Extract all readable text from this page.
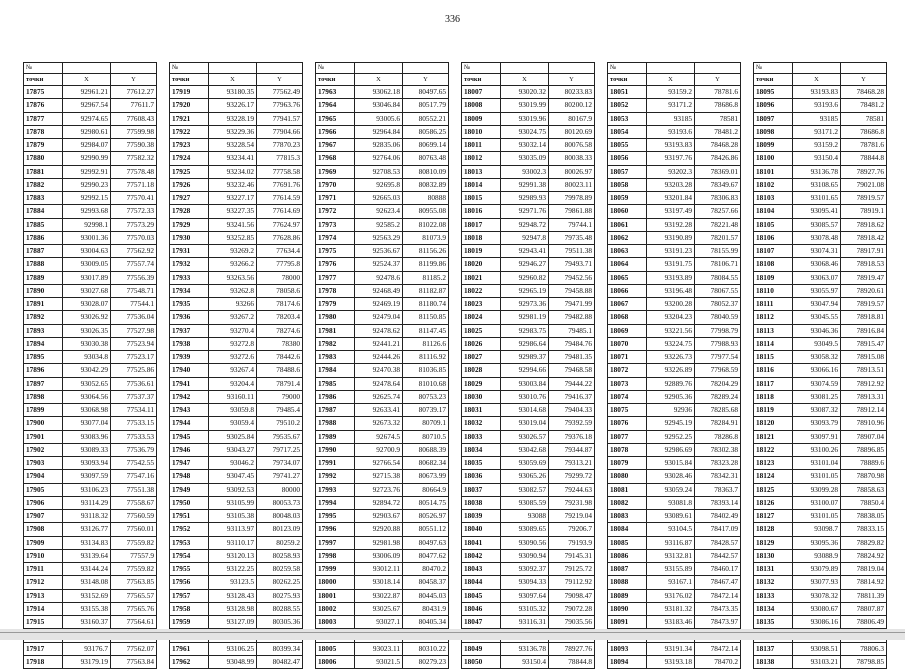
336
№		
точки	X	Y
17875	92961.21	77612.27
17876	92967.54	77611.7
17877	92974.65	77608.43
17878	92980.61	77599.98
17879	92984.07	77590.38
17880	92990.99	77582.32
17881	92992.91	77578.48
17882	92990.23	77571.18
17883	92992.15	77570.41
17884	92993.68	77572.33
17885	92998.1	77573.29
17886	93001.36	77570.03
17887	93004.63	77562.92
17888	93009.05	77557.74
17889	93017.89	77556.39
17890	93027.68	77548.71
17891	93028.07	77544.1
17892	93026.92	77536.04
17893	93026.35	77527.98
17894	93030.38	77523.94
17895	93034.8	77523.17
17896	93042.29	77525.86
17897	93052.65	77536.61
17898	93064.56	77537.37
17899	93068.98	77534.11
17900	93077.04	77533.15
17901	93083.96	77533.53
17902	93089.33	77536.79
17903	93093.94	77542.55
17904	93097.59	77547.16
17905	93106.23	77551.38
17906	93114.29	77558.67
17907	93118.32	77560.59
17908	93126.77	77560.01
17909	93134.83	77559.82
17910	93139.64	77557.9
17911	93144.24	77559.82
17912	93148.08	77563.85
17913	93152.69	77565.57
17914	93155.38	77565.76
17915	93160.37	77564.61

17917	93176.7	77562.07
17918	93179.19	77563.84
№		
точки	X	Y
17919	93180.35	77562.49
17920	93226.17	77963.76
17921	93228.19	77941.57
17922	93229.36	77904.66
17923	93228.54	77870.23
17924	93234.41	77815.3
17925	93234.02	77758.58
17926	93232.46	77691.76
17927	93227.17	77614.59
17928	93227.35	77614.69
17929	93241.56	77624.97
17930	93252.85	77628.86
17931	93269.2	77634.4
17932	93266.2	77795.8
17933	93263.56	78000
17934	93262.8	78058.6
17935	93266	78174.6
17936	93267.2	78203.4
17937	93270.4	78274.6
17938	93272.8	78380
17939	93272.6	78442.6
17940	93267.4	78488.6
17941	93204.4	78791.4
17942	93160.11	79000
17943	93059.8	79485.4
17944	93059.4	79510.2
17945	93025.84	79535.67
17946	93043.27	79717.25
17947	93046.2	79734.07
17948	93047.45	79741.27
17949	93092.53	80000
17950	93105.99	80053.73
17951	93105.38	80048.03
17952	93113.97	80123.09
17953	93110.17	80259.2
17954	93120.13	80258.93
17955	93122.25	80259.58
17956	93123.5	80262.25
17957	93128.43	80275.93
17958	93128.98	80288.55
17959	93127.09	80305.36

17961	93106.25	80399.34
17962	93048.99	80482.47
№		
точки	X	Y
17963	93062.18	80497.65
17964	93046.84	80517.79
17965	93005.6	80552.21
17966	92964.84	80586.25
17967	92835.06	80699.14
17968	92764.06	80763.48
17969	92708.53	80810.09
17970	92695.8	80832.89
17971	92665.03	80888
17972	92623.4	80955.08
17973	92585.2	81022.08
17974	92563.29	81073.9
17975	92536.67	81156.26
17976	92524.37	81199.86
17977	92478.6	81185.2
17978	92468.49	81182.87
17979	92469.19	81180.74
17980	92479.04	81150.85
17981	92478.62	81147.45
17982	92441.21	81126.6
17983	92444.26	81116.92
17984	92470.38	81036.85
17985	92478.64	81010.68
17986	92625.74	80753.23
17987	92633.41	80739.17
17988	92673.32	80709.1
17989	92674.5	80710.5
17990	92700.9	80688.39
17991	92766.54	80682.34
17992	92715.38	80673.99
17993	92723.76	80664.9
17994	92894.72	80514.75
17995	92903.67	80526.97
17996	92920.88	80551.12
17997	92981.98	80497.63
17998	93006.09	80477.62
17999	93012.11	80470.2
18000	93018.14	80458.37
18001	93022.87	80445.03
18002	93025.67	80431.9
18003	93027.1	80405.34

18005	93023.11	80310.22
18006	93021.5	80279.23
№		
точки	X	Y
18007	93020.32	80233.83
18008	93019.99	80200.12
18009	93019.96	80167.9
18010	93024.75	80120.69
18011	93032.14	80076.58
18012	93035.09	80038.33
18013	93002.3	80026.97
18014	92991.38	80023.11
18015	92989.93	79978.89
18016	92971.76	79861.88
18017	92948.72	79744.1
18018	92947.8	79735.48
18019	92943.41	79511.38
18020	92946.27	79493.71
18021	92960.82	79452.56
18022	92965.19	79458.88
18023	92973.36	79471.99
18024	92981.19	79482.88
18025	92983.75	79485.1
18026	92986.64	79484.76
18027	92989.37	79481.35
18028	92994.66	79468.58
18029	93003.84	79444.22
18030	93010.76	79416.37
18031	93014.68	79404.33
18032	93019.04	79392.59
18033	93026.57	79376.18
18034	93042.68	79344.87
18035	93059.69	79313.21
18036	93065.26	79299.72
18037	93082.57	79244.63
18038	93085.59	79231.98
18039	93088	79219.04
18040	93089.65	79206.7
18041	93090.56	79193.9
18042	93090.94	79145.31
18043	93092.37	79125.72
18044	93094.33	79112.92
18045	93097.64	79098.47
18046	93105.32	79072.28
18047	93116.31	79035.56

18049	93136.78	78927.76
18050	93150.4	78844.8
№		
точки	X	Y
18051	93159.2	78781.6
18052	93171.2	78686.8
18053	93185	78581
18054	93193.6	78481.2
18055	93193.83	78468.28
18056	93197.76	78426.86
18057	93202.3	78369.01
18058	93203.28	78349.67
18059	93201.84	78306.83
18060	93197.49	78257.66
18061	93192.28	78221.48
18062	93190.89	78201.57
18063	93191.23	78155.99
18064	93191.75	78106.71
18065	93193.89	78084.55
18066	93196.48	78067.55
18067	93200.28	78052.37
18068	93204.23	78040.59
18069	93221.56	77998.79
18070	93224.75	77988.93
18071	93226.73	77977.54
18072	93226.89	77968.59
18073	92889.76	78204.29
18074	92905.36	78289.24
18075	92936	78285.68
18076	92945.19	78284.91
18077	92952.25	78286.8
18078	92986.69	78302.38
18079	93015.84	78323.28
18080	93028.46	78342.31
18081	93059.24	78363.7
18082	93081.8	78393.14
18083	93089.61	78402.49
18084	93104.5	78417.09
18085	93116.87	78428.57
18086	93132.81	78442.57
18087	93155.89	78460.17
18088	93167.1	78467.47
18089	93176.02	78472.14
18090	93181.32	78473.35
18091	93183.46	78473.97

18093	93191.34	78472.14
18094	93193.18	78470.2
№		
точки	X	Y
18095	93193.83	78468.28
18096	93193.6	78481.2
18097	93185	78581
18098	93171.2	78686.8
18099	93159.2	78781.6
18100	93150.4	78844.8
18101	93136.78	78927.76
18102	93108.65	79021.08
18103	93101.65	78919.57
18104	93095.41	78919.1
18105	93085.57	78918.62
18106	93078.48	78918.42
18107	93074.31	78917.91
18108	93068.46	78918.53
18109	93063.07	78919.47
18110	93055.97	78920.61
18111	93047.94	78919.57
18112	93045.55	78918.81
18113	93046.36	78916.84
18114	93049.5	78915.47
18115	93058.32	78915.08
18116	93066.16	78913.51
18117	93074.59	78912.92
18118	93081.25	78913.31
18119	93087.32	78912.14
18120	93093.79	78910.96
18121	93097.91	78907.04
18122	93100.26	78896.85
18123	93101.04	78889.6
18124	93101.05	78870.98
18125	93099.28	78858.63
18126	93100.07	78850.4
18127	93101.05	78838.05
18128	93098.7	78833.15
18129	93095.36	78829.82
18130	93088.9	78824.92
18131	93079.89	78819.04
18132	93077.93	78814.92
18133	93078.32	78811.39
18134	93080.67	78807.87
18135	93086.16	78806.49

18137	93098.51	78806.3
18138	93103.21	78798.85
